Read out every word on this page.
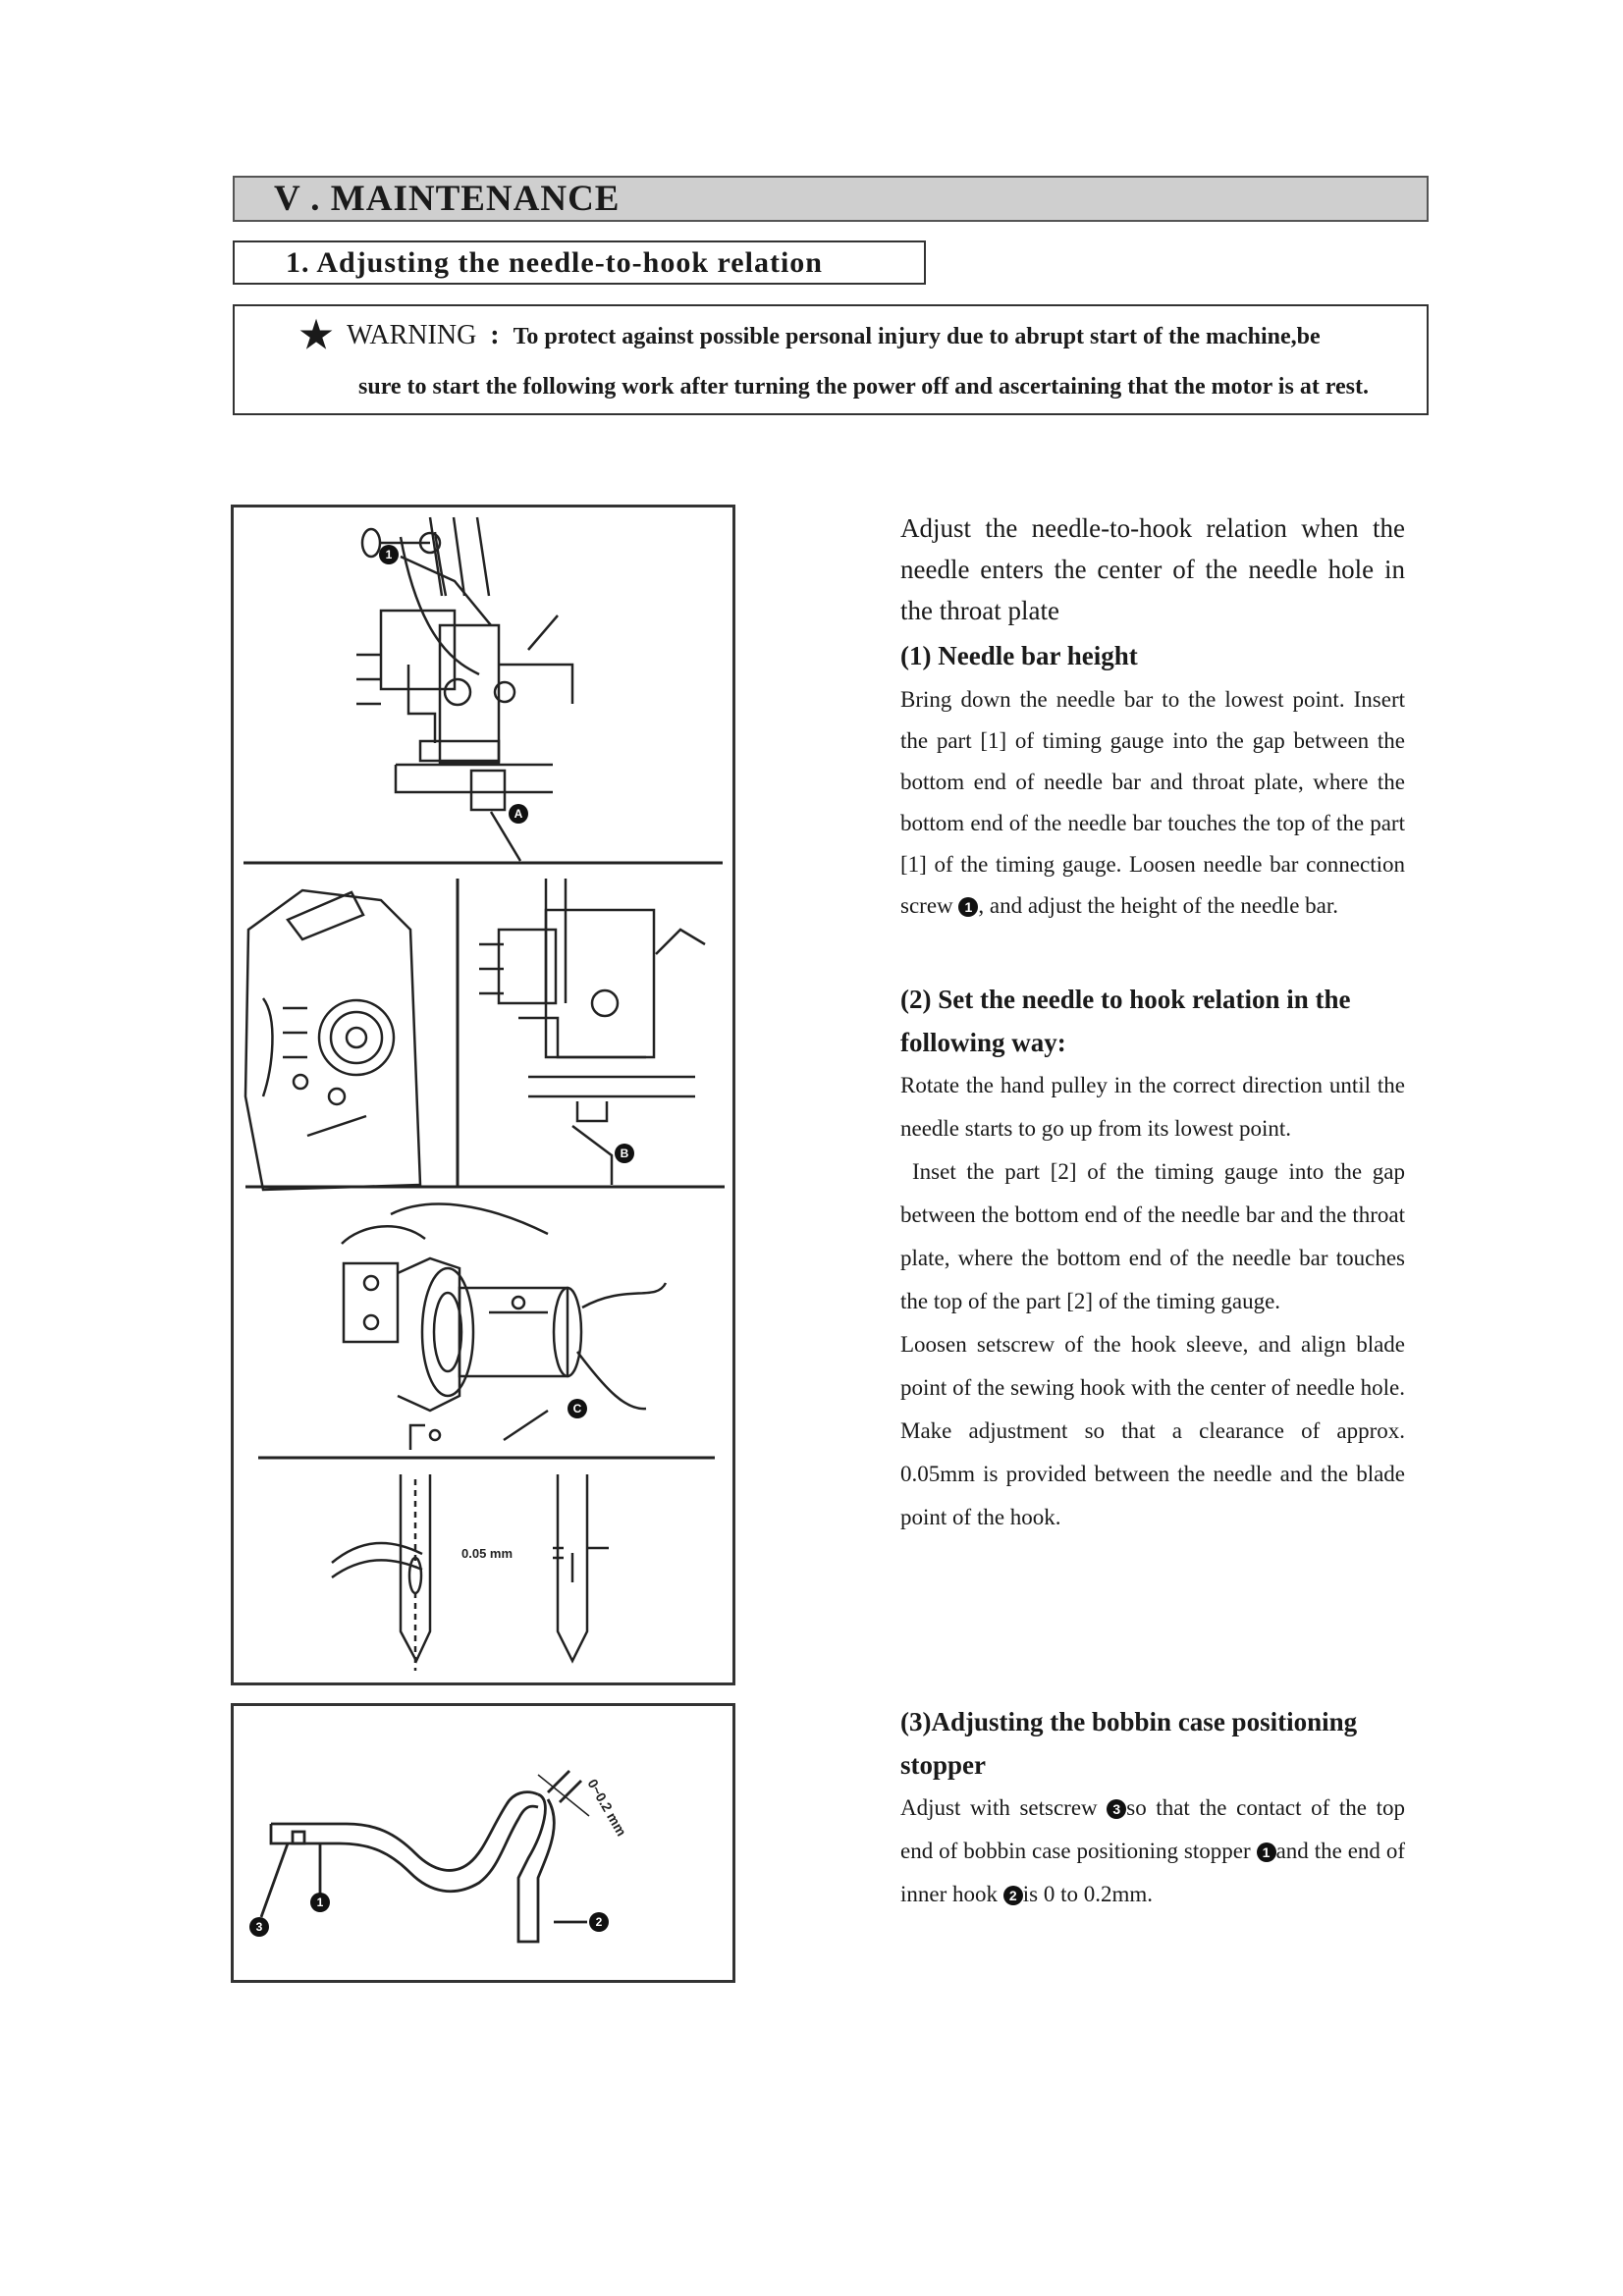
V . MAINTENANCE
1. Adjusting the needle-to-hook relation
★ WARNING : To protect against possible personal injury due to abrupt start of the machine,be
sure to start the following work after turning the power off and ascertaining that the motor is at rest.
1
A
B
C
0.05 mm
1
2
3
0~0.2 mm

Adjust the needle-to-hook relation when the needle enters the center of the needle hole in the throat plate

(1) Needle bar height

Bring down the needle bar to the lowest point. Insert the part [1] of timing gauge into the gap between the bottom end of needle bar and throat plate, where the bottom end of the needle bar touches the top of the part [1] of the timing gauge. Loosen needle bar connection screw 1 , and adjust the height of the needle bar.

(2) Set the needle to hook relation in the following way:

Rotate the hand pulley in the correct direction until the needle starts to go up from its lowest point.

Inset the part [2] of the timing gauge into the gap between the bottom end of the needle bar and the throat plate, where the bottom end of the needle bar touches the top of the part [2] of the timing gauge.

Loosen setscrew of the hook sleeve, and align blade point of the sewing hook with the center of needle hole. Make adjustment so that a clearance of approx. 0.05mm is provided between the needle and the blade point of the hook.

(3)Adjusting the bobbin case positioning stopper

Adjust with setscrew 3 so that the contact of the top end of bobbin case positioning stopper 1 and the end of inner hook 2 is 0 to 0.2mm.
